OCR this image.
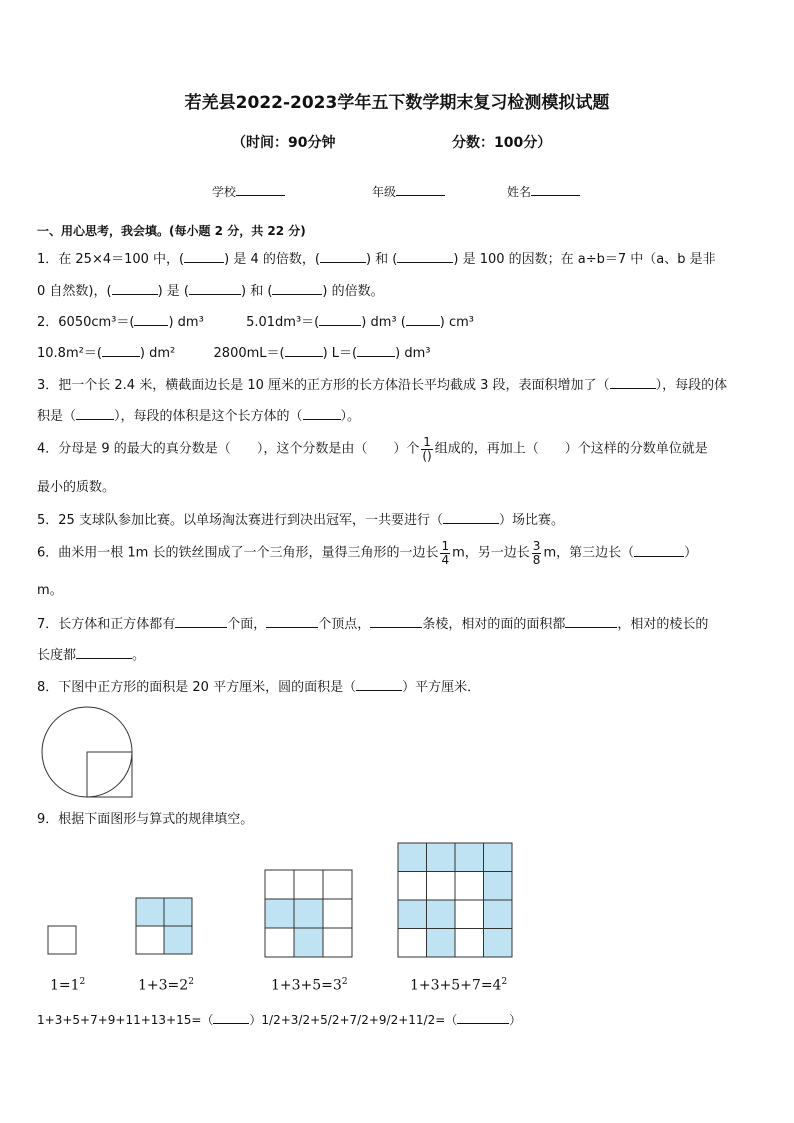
若羌县2022-2023学年五下数学期末复习检测模拟试题
（时间：90分钟	分数：100分）
学校	年级	姓名
一、用心思考，我会填。(每小题 2 分，共 22 分)
1．在 25×4＝100 中，(	) 是 4 的倍数，(	) 和 (	) 是 100 的因数；在 a÷b＝7 中（a、b 是非
0 自然数)，(	) 是 (	) 和 (	) 的倍数。
2．6050cm³＝(	) dm³	5.01dm³＝(	) dm³ (	) cm³
10.8m²＝(	) dm²	2800mL＝(	) L＝(	) dm³
3．把一个长 2.4 米，横截面边长是 10 厘米的正方形的长方体沿长平均截成 3 段，表面积增加了（	），每段的体
积是（	），每段的体积是这个长方体的（	）。
4．分母是 9 的最大的真分数是（ ），这个分数是由（ ）个 $\frac{1}{()}$ 组成的，再加上（ ）个这样的分数单位就是
最小的质数。
5．25 支球队参加比赛。以单场淘汰赛进行到决出冠军，一共要进行（	）场比赛。
6．曲米用一根 1m 长的铁丝围成了一个三角形，量得三角形的一边长 $\frac{1}{4}$ m，另一边长 $\frac{3}{8}$ m，第三边长（	）
m。
7．长方体和正方体都有	个面，	个顶点，	条棱，相对的面的面积都	，相对的棱长的
长度都	。
8．下图中正方形的面积是 20 平方厘米，圆的面积是（	）平方厘米．
9．根据下面图形与算式的规律填空。
$1=1^2$	$1+3=2^2$	$1+3+5=3^2$	$1+3+5+7=4^2$
1+3+5+7+9+11+13+15=（	）1/2+3/2+5/2+7/2+9/2+11/2=（	）
